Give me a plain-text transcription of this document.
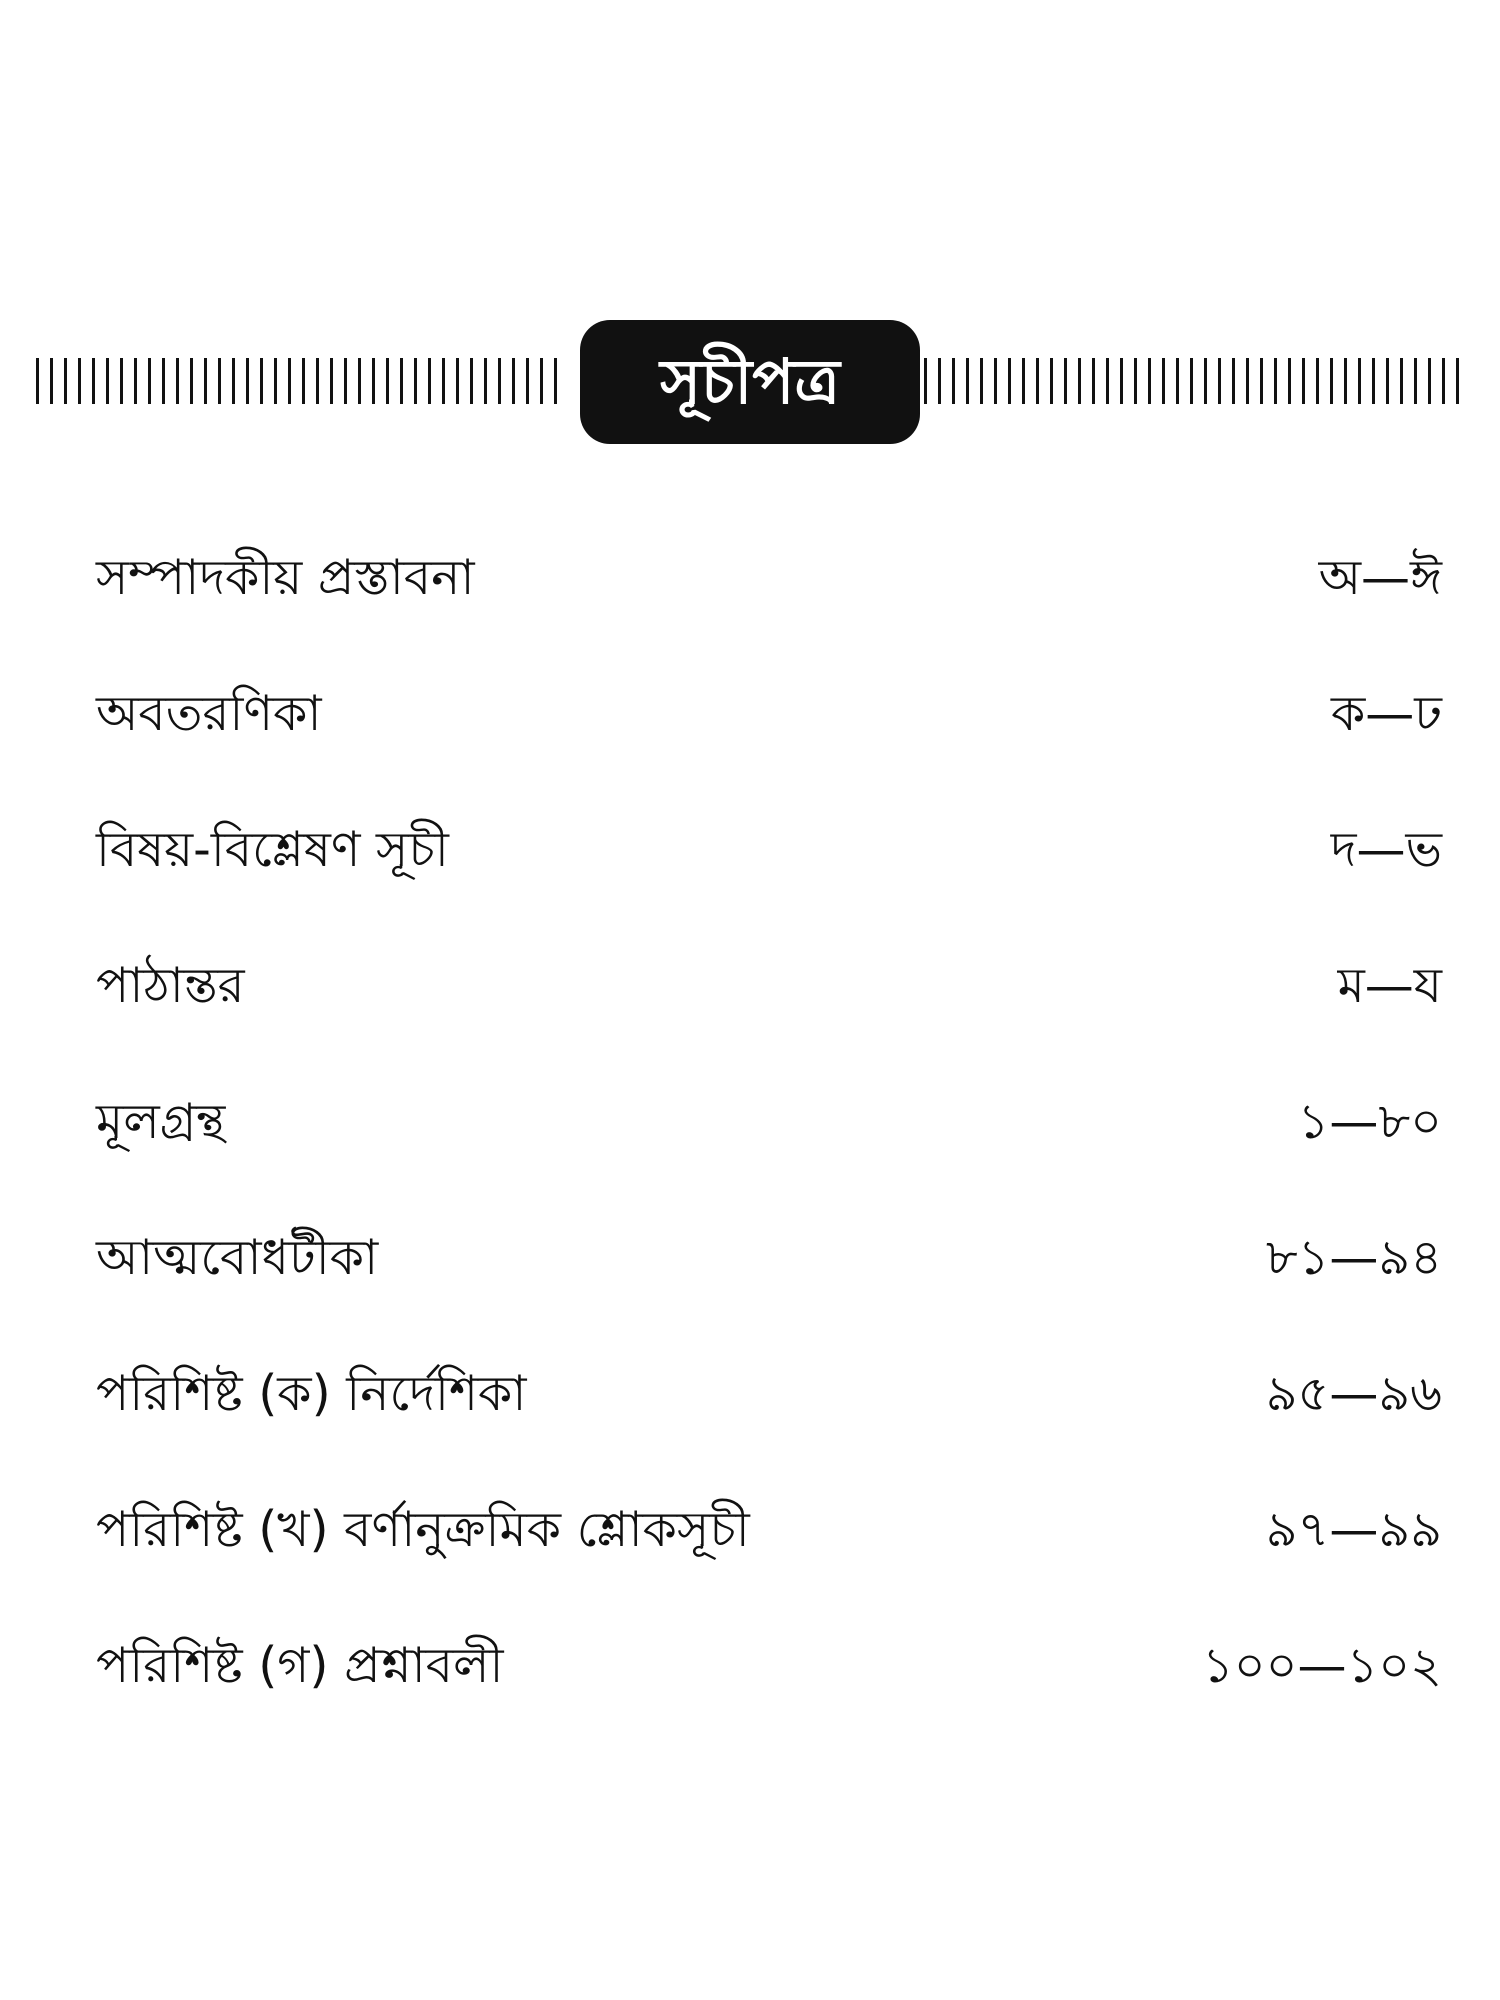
সূচীপত্র
সম্পাদকীয় প্রস্তাবনা	অ—ঈ
অবতরণিকা	ক—ঢ
বিষয়-বিশ্লেষণ সূচী	দ—ভ
পাঠান্তর	ম—য
মূলগ্রন্থ	১—৮০
আত্মবোধটীকা	৮১—৯৪
পরিশিষ্ট (ক) নির্দেশিকা	৯৫—৯৬
পরিশিষ্ট (খ) বর্ণানুক্রমিক শ্লোকসূচী	৯৭—৯৯
পরিশিষ্ট (গ) প্রশ্নাবলী	১০০—১০২
